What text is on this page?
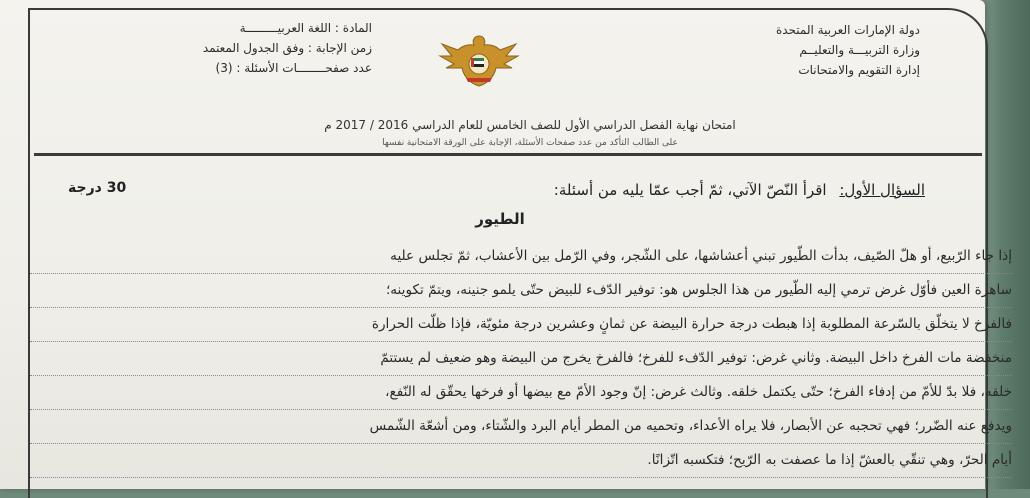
دولة الإمارات العربية المتحدة
وزارة التربيـــة والتعليــم
إدارة التقويم والامتحانات
المادة : اللغة العربيـــــــــة
زمن الإجابة : وفق الجدول المعتمد
عدد صفحــــــــات الأسئلة : (3)
امتحان نهاية الفصل الدراسي الأول للصف الخامس للعام الدراسي 2016 / 2017 م
على الطالب التأكد من عدد صفحات الأسئلة، الإجابة على الورقة الامتحانية نفسها
30 درجة	السؤال الأول: اقرأ النّصّ الآتي، ثمّ أجب عمّا يليه من أسئلة:
الطيور

إذا جاء الرّبيع، أو هلّ الصّيف، بدأت الطّيور تبني أعشاشها، على الشّجر، وفي الرّمل بين الأعشاب، ثمّ تجلس عليه

ساهرة العين فأوّل غرض ترمي إليه الطّيور من هذا الجلوس هو: توفير الدّفء للبيض حتّى يلمو جنينه، ويتمّ تكوينه؛

فالفرخ لا يتخلّق بالسّرعة المطلوبة إذا هبطت درجة حرارة البيضة عن ثمانٍ وعشرين درجة مئويّة، فإذا ظلّت الحرارة

منخفضة مات الفرخ داخل البيضة. وثاني غرض: توفير الدّفء للفرخ؛ فالفرخ يخرج من البيضة وهو ضعيف لم يستتمّ

خلقه، فلا بدّ للأمّ من إدفاء الفرخ؛ حتّى يكتمل خلقه. وثالث غرض: إنّ وجود الأمّ مع بيضها أو فرخها يحقّق له النّفع،

ويدفع عنه الضّرر؛ فهي تحجبه عن الأبصار، فلا يراه الأعداء، وتحميه من المطر أيام البرد والشّتاء، ومن أشعّة الشّمس

أيام الحرّ، وهي تنقّي بالعشّ إذا ما عصفت به الرّيح؛ فتكسبه اتّزانًا.
